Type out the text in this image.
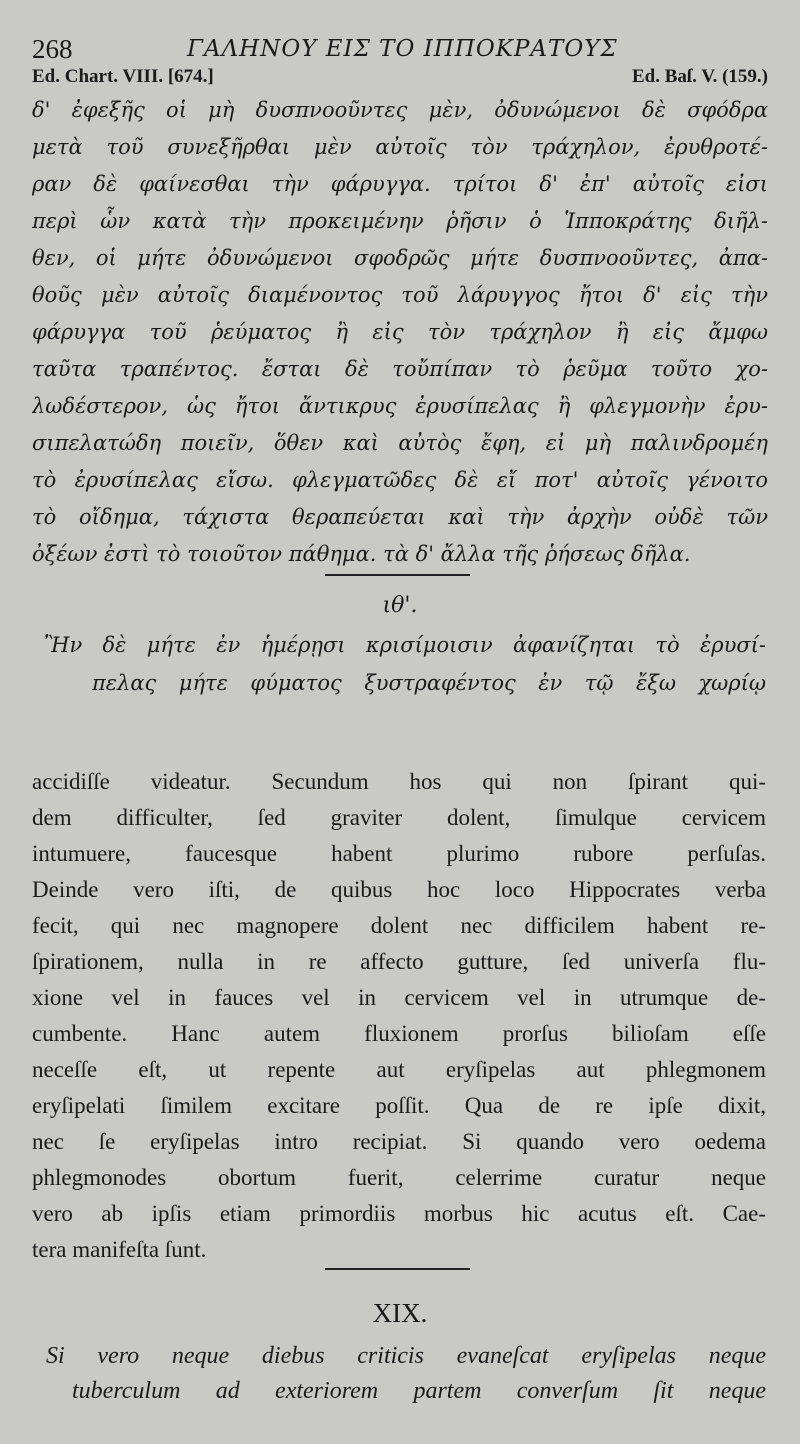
268	ΓΑΛΗΝΟΥ ΕΙΣ ΤΟ ΙΠΠΟΚΡΑΤΟΥΣ
Ed. Chart. VIII. [674.]	Ed. Baſ. V. (159.)
δ' ἐφεξῆς οἱ μὴ δυσπνοοῦντες μὲν, ὀδυνώμενοι δὲ σφόδρα
μετὰ τοῦ συνεξῆρθαι μὲν αὐτοῖς τὸν τράχηλον, ἐρυθροτέ-
ραν δὲ φαίνεσθαι τὴν φάρυγγα. τρίτοι δ' ἐπ' αὐτοῖς εἰσι
περὶ ὧν κατὰ τὴν προκειμένην ῥῆσιν ὁ Ἱπποκράτης διῆλ-
θεν, οἱ μήτε ὀδυνώμενοι σφοδρῶς μήτε δυσπνοοῦντες, ἀπα-
θοῦς μὲν αὐτοῖς διαμένοντος τοῦ λάρυγγος ἤτοι δ' εἰς τὴν
φάρυγγα τοῦ ῥεύματος ἢ εἰς τὸν τράχηλον ἢ εἰς ἄμφω
ταῦτα τραπέντος. ἔσται δὲ τοὔπίπαν τὸ ῥεῦμα τοῦτο χο-
λωδέστερον, ὡς ἤτοι ἄντικρυς ἐρυσίπελας ἢ φλεγμονὴν ἐρυ-
σιπελατώδη ποιεῖν, ὅθεν καὶ αὐτὸς ἔφη, εἰ μὴ παλινδρομέη
τὸ ἐρυσίπελας εἴσω. φλεγματῶδες δὲ εἴ ποτ' αὐτοῖς γένοιτο
τὸ οἴδημα, τάχιστα θεραπεύεται καὶ τὴν ἀρχὴν οὐδὲ τῶν
ὀξέων ἐστὶ τὸ τοιοῦτον πάθημα. τὰ δ' ἄλλα τῆς ῥήσεως δῆλα.
ιθ'.
Ἢν δὲ μήτε ἐν ἡμέρῃσι κρισίμοισιν ἀφανίζηται τὸ ἐρυσί-
πελας μήτε φύματος ξυστραφέντος ἐν τῷ ἔξω χωρίῳ
accidiſſe videatur. Secundum hos qui non ſpirant qui-
dem difficulter, ſed graviter dolent, ſimulque cervicem
intumuere, faucesque habent plurimo rubore perſuſas.
Deinde vero iſti, de quibus hoc loco Hippocrates verba
fecit, qui nec magnopere dolent nec difficilem habent re-
ſpirationem, nulla in re affecto gutture, ſed univerſa flu-
xione vel in fauces vel in cervicem vel in utrumque de-
cumbente. Hanc autem fluxionem prorſus bilioſam eſſe
neceſſe eſt, ut repente aut eryſipelas aut phlegmonem
eryſipelati ſimilem excitare poſſit. Qua de re ipſe dixit,
nec ſe eryſipelas intro recipiat. Si quando vero oedema
phlegmonodes obortum fuerit, celerrime curatur neque
vero ab ipſis etiam primordiis morbus hic acutus eſt. Cae-
tera manifeſta ſunt.
XIX.
Si vero neque diebus criticis evaneſcat eryſipelas neque
tuberculum ad exteriorem partem converſum ſit neque
